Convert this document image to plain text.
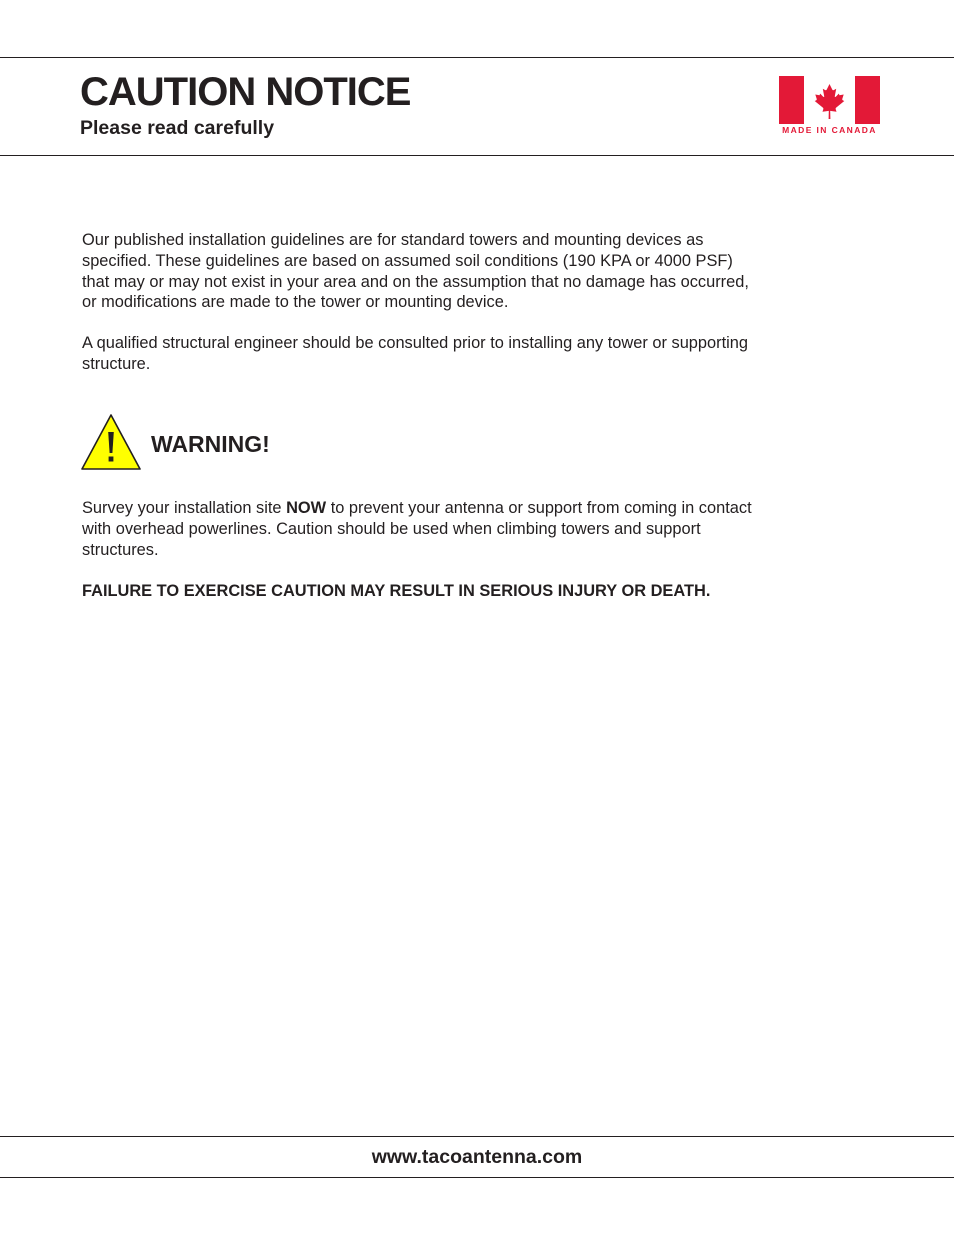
CAUTION NOTICE
Please read carefully	MADE IN CANADA

Our published installation guidelines are for standard towers and mounting devices as specified. These guidelines are based on assumed soil conditions (190 KPA or 4000 PSF) that may or may not exist in your area and on the assumption that no damage has occurred, or modifications are made to the tower or mounting device.

A qualified structural engineer should be consulted prior to installing any tower or supporting structure.

WARNING!

Survey your installation site NOW to prevent your antenna or support from coming in contact with overhead powerlines. Caution should be used when climbing towers and support structures.

FAILURE TO EXERCISE CAUTION MAY RESULT IN SERIOUS INJURY OR DEATH.

www.tacoantenna.com
